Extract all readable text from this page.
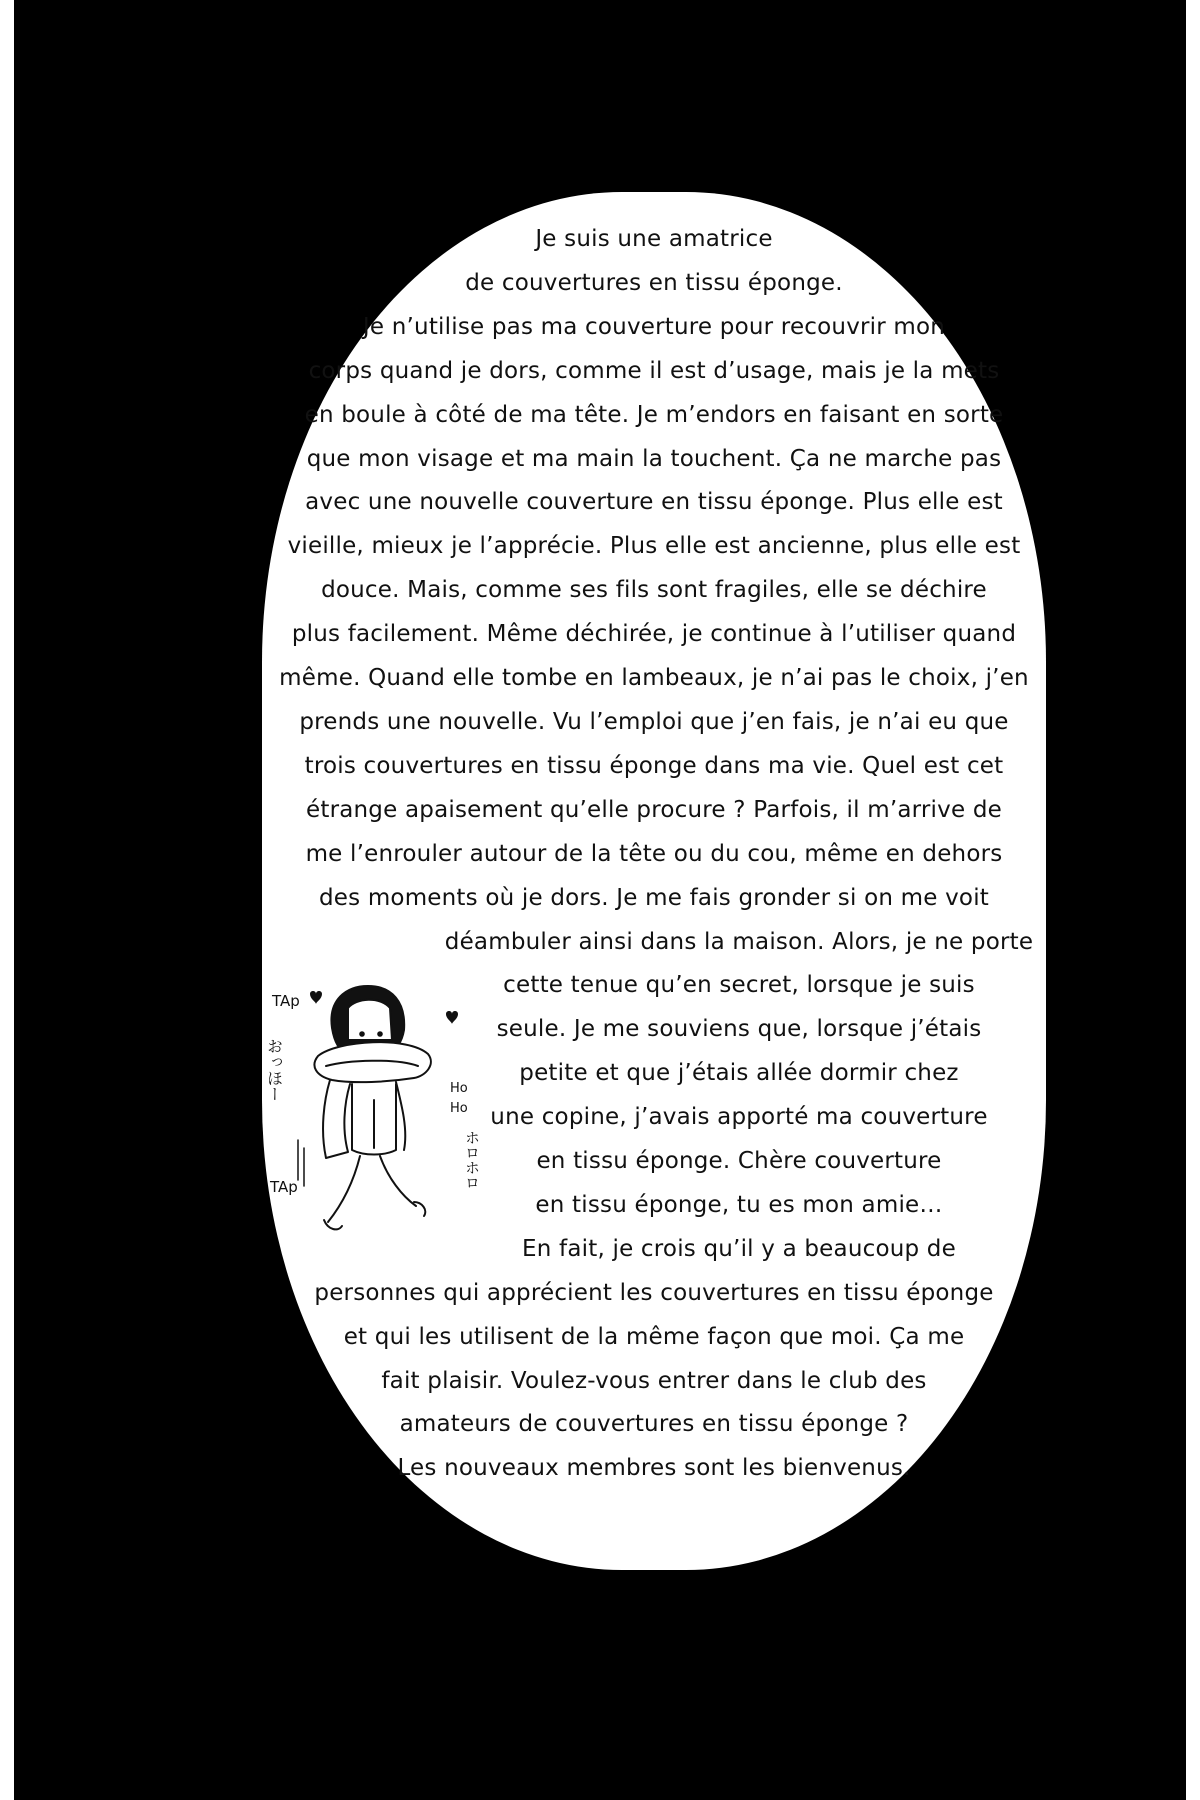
Je suis une amatrice
de couvertures en tissu éponge.
Je n’utilise pas ma couverture pour recouvrir mon
corps quand je dors, comme il est d’usage, mais je la mets
en boule à côté de ma tête. Je m’endors en faisant en sorte
que mon visage et ma main la touchent. Ça ne marche pas
avec une nouvelle couverture en tissu éponge. Plus elle est
vieille, mieux je l’apprécie. Plus elle est ancienne, plus elle est
douce. Mais, comme ses fils sont fragiles, elle se déchire
plus facilement. Même déchirée, je continue à l’utiliser quand
même. Quand elle tombe en lambeaux, je n’ai pas le choix, j’en
prends une nouvelle. Vu l’emploi que j’en fais, je n’ai eu que
trois couvertures en tissu éponge dans ma vie. Quel est cet
étrange apaisement qu’elle procure ? Parfois, il m’arrive de
me l’enrouler autour de la tête ou du cou, même en dehors
des moments où je dors. Je me fais gronder si on me voit
déambuler ainsi dans la maison. Alors, je ne porte
cette tenue qu’en secret, lorsque je suis
seule. Je me souviens que, lorsque j’étais
petite et que j’étais allée dormir chez
une copine, j’avais apporté ma couverture
en tissu éponge. Chère couverture
en tissu éponge, tu es mon amie…
En fait, je crois qu’il y a beaucoup de
personnes qui apprécient les couvertures en tissu éponge
et qui les utilisent de la même façon que moi. Ça me
fait plaisir. Voulez-vous entrer dans le club des
amateurs de couvertures en tissu éponge ?
Les nouveaux membres sont les bienvenus.
TAp
おっほー
TAp
Ho
Ho
ホロホロ
